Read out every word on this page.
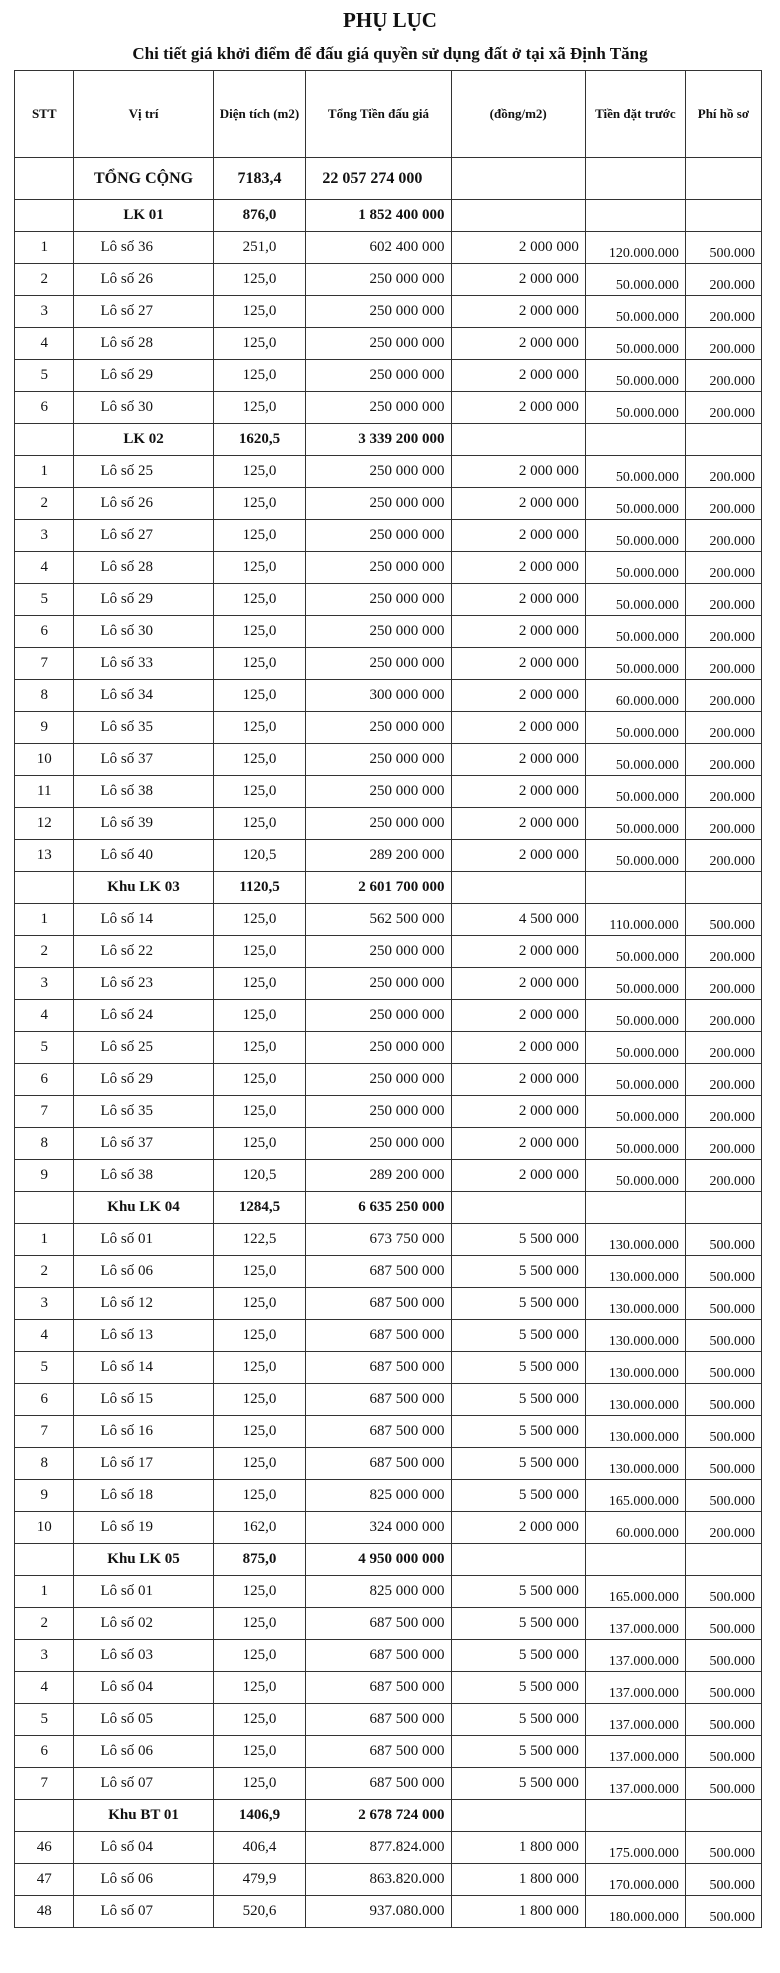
PHỤ LỤC
Chi tiết giá khởi điểm để đấu giá quyền sử dụng đất ở tại xã Định Tăng
STT	Vị trí	Diện tích (m2)	Tổng Tiền đấu giá	(đồng/m2)	Tiền đặt trước	Phí hồ sơ
	TỔNG CỘNG	7183,4	22 057 274 000			
	LK 01	876,0	1 852 400 000			
1	Lô số 36	251,0	602 400 000	2 000 000	120.000.000	500.000
2	Lô số 26	125,0	250 000 000	2 000 000	50.000.000	200.000
3	Lô số 27	125,0	250 000 000	2 000 000	50.000.000	200.000
4	Lô số 28	125,0	250 000 000	2 000 000	50.000.000	200.000
5	Lô số 29	125,0	250 000 000	2 000 000	50.000.000	200.000
6	Lô số 30	125,0	250 000 000	2 000 000	50.000.000	200.000
	LK 02	1620,5	3 339 200 000			
1	Lô số 25	125,0	250 000 000	2 000 000	50.000.000	200.000
2	Lô số 26	125,0	250 000 000	2 000 000	50.000.000	200.000
3	Lô số 27	125,0	250 000 000	2 000 000	50.000.000	200.000
4	Lô số 28	125,0	250 000 000	2 000 000	50.000.000	200.000
5	Lô số 29	125,0	250 000 000	2 000 000	50.000.000	200.000
6	Lô số 30	125,0	250 000 000	2 000 000	50.000.000	200.000
7	Lô số 33	125,0	250 000 000	2 000 000	50.000.000	200.000
8	Lô số 34	125,0	300 000 000	2 000 000	60.000.000	200.000
9	Lô số 35	125,0	250 000 000	2 000 000	50.000.000	200.000
10	Lô số 37	125,0	250 000 000	2 000 000	50.000.000	200.000
11	Lô số 38	125,0	250 000 000	2 000 000	50.000.000	200.000
12	Lô số 39	125,0	250 000 000	2 000 000	50.000.000	200.000
13	Lô số 40	120,5	289 200 000	2 000 000	50.000.000	200.000
	Khu LK 03	1120,5	2 601 700 000			
1	Lô số 14	125,0	562 500 000	4 500 000	110.000.000	500.000
2	Lô số 22	125,0	250 000 000	2 000 000	50.000.000	200.000
3	Lô số 23	125,0	250 000 000	2 000 000	50.000.000	200.000
4	Lô số 24	125,0	250 000 000	2 000 000	50.000.000	200.000
5	Lô số 25	125,0	250 000 000	2 000 000	50.000.000	200.000
6	Lô số 29	125,0	250 000 000	2 000 000	50.000.000	200.000
7	Lô số 35	125,0	250 000 000	2 000 000	50.000.000	200.000
8	Lô số 37	125,0	250 000 000	2 000 000	50.000.000	200.000
9	Lô số 38	120,5	289 200 000	2 000 000	50.000.000	200.000
	Khu LK 04	1284,5	6 635 250 000			
1	Lô số 01	122,5	673 750 000	5 500 000	130.000.000	500.000
2	Lô số 06	125,0	687 500 000	5 500 000	130.000.000	500.000
3	Lô số 12	125,0	687 500 000	5 500 000	130.000.000	500.000
4	Lô số 13	125,0	687 500 000	5 500 000	130.000.000	500.000
5	Lô số 14	125,0	687 500 000	5 500 000	130.000.000	500.000
6	Lô số 15	125,0	687 500 000	5 500 000	130.000.000	500.000
7	Lô số 16	125,0	687 500 000	5 500 000	130.000.000	500.000
8	Lô số 17	125,0	687 500 000	5 500 000	130.000.000	500.000
9	Lô số 18	125,0	825 000 000	5 500 000	165.000.000	500.000
10	Lô số 19	162,0	324 000 000	2 000 000	60.000.000	200.000
	Khu LK 05	875,0	4 950 000 000			
1	Lô số 01	125,0	825 000 000	5 500 000	165.000.000	500.000
2	Lô số 02	125,0	687 500 000	5 500 000	137.000.000	500.000
3	Lô số 03	125,0	687 500 000	5 500 000	137.000.000	500.000
4	Lô số 04	125,0	687 500 000	5 500 000	137.000.000	500.000
5	Lô số 05	125,0	687 500 000	5 500 000	137.000.000	500.000
6	Lô số 06	125,0	687 500 000	5 500 000	137.000.000	500.000
7	Lô số 07	125,0	687 500 000	5 500 000	137.000.000	500.000
	Khu BT 01	1406,9	2 678 724 000			
46	Lô số 04	406,4	877.824.000	1 800 000	175.000.000	500.000
47	Lô số 06	479,9	863.820.000	1 800 000	170.000.000	500.000
48	Lô số 07	520,6	937.080.000	1 800 000	180.000.000	500.000
